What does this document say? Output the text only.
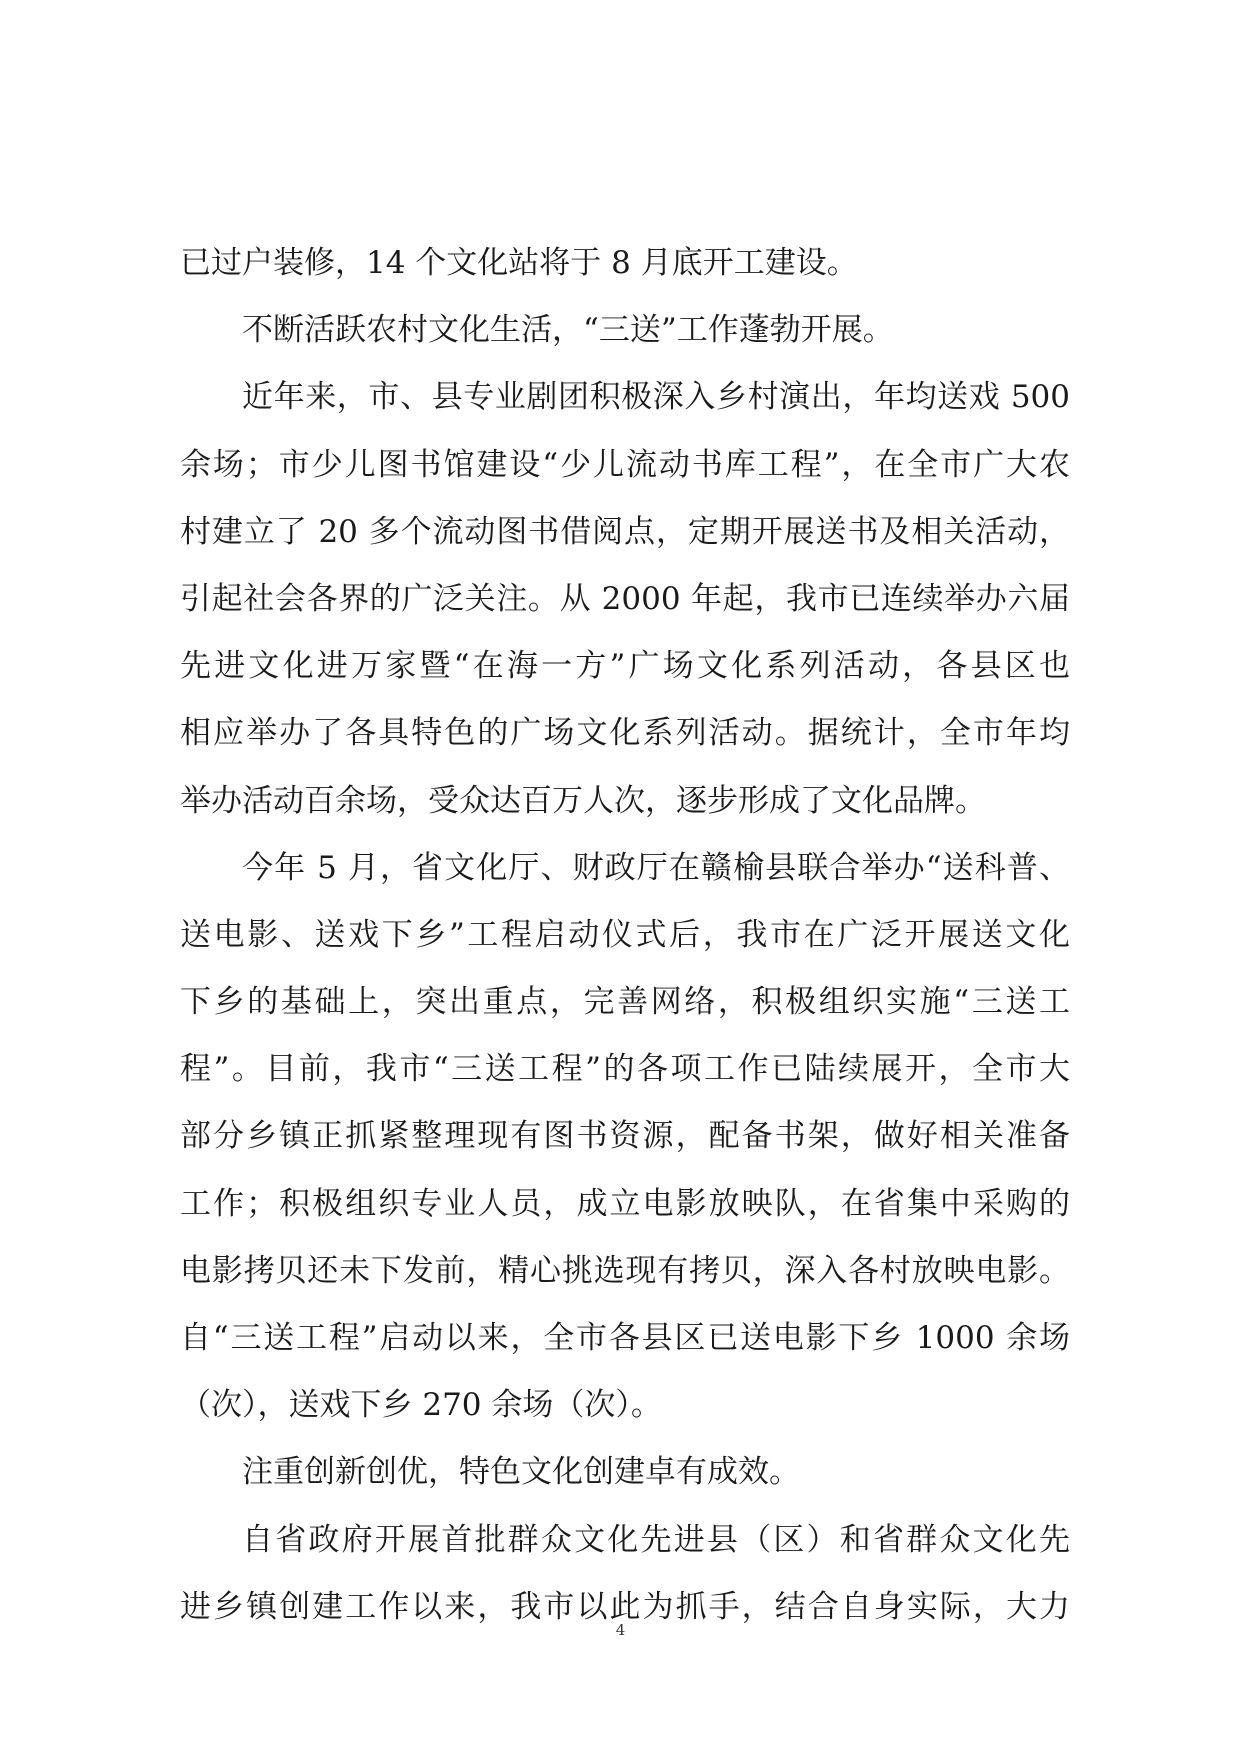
已过户装修，14 个文化站将于 8 月底开工建设。
不断活跃农村文化生活，“三送”工作蓬勃开展。
近年来，市、县专业剧团积极深入乡村演出，年均送戏 500
余场；市少儿图书馆建设“少儿流动书库工程”，在全市广大农
村建立了 20 多个流动图书借阅点，定期开展送书及相关活动，
引起社会各界的广泛关注。从 2000 年起，我市已连续举办六届
先进文化进万家暨“在海一方”广场文化系列活动，各县区也
相应举办了各具特色的广场文化系列活动。据统计，全市年均
举办活动百余场，受众达百万人次，逐步形成了文化品牌。
今年 5 月，省文化厅、财政厅在赣榆县联合举办“送科普、
送电影、送戏下乡”工程启动仪式后，我市在广泛开展送文化
下乡的基础上，突出重点，完善网络，积极组织实施“三送工
程”。目前，我市“三送工程”的各项工作已陆续展开，全市大
部分乡镇正抓紧整理现有图书资源，配备书架，做好相关准备
工作；积极组织专业人员，成立电影放映队，在省集中采购的
电影拷贝还未下发前，精心挑选现有拷贝，深入各村放映电影。
自“三送工程”启动以来，全市各县区已送电影下乡 1000 余场
（次），送戏下乡 270 余场（次）。
注重创新创优，特色文化创建卓有成效。
自省政府开展首批群众文化先进县（区）和省群众文化先
进乡镇创建工作以来，我市以此为抓手，结合自身实际，大力
4
